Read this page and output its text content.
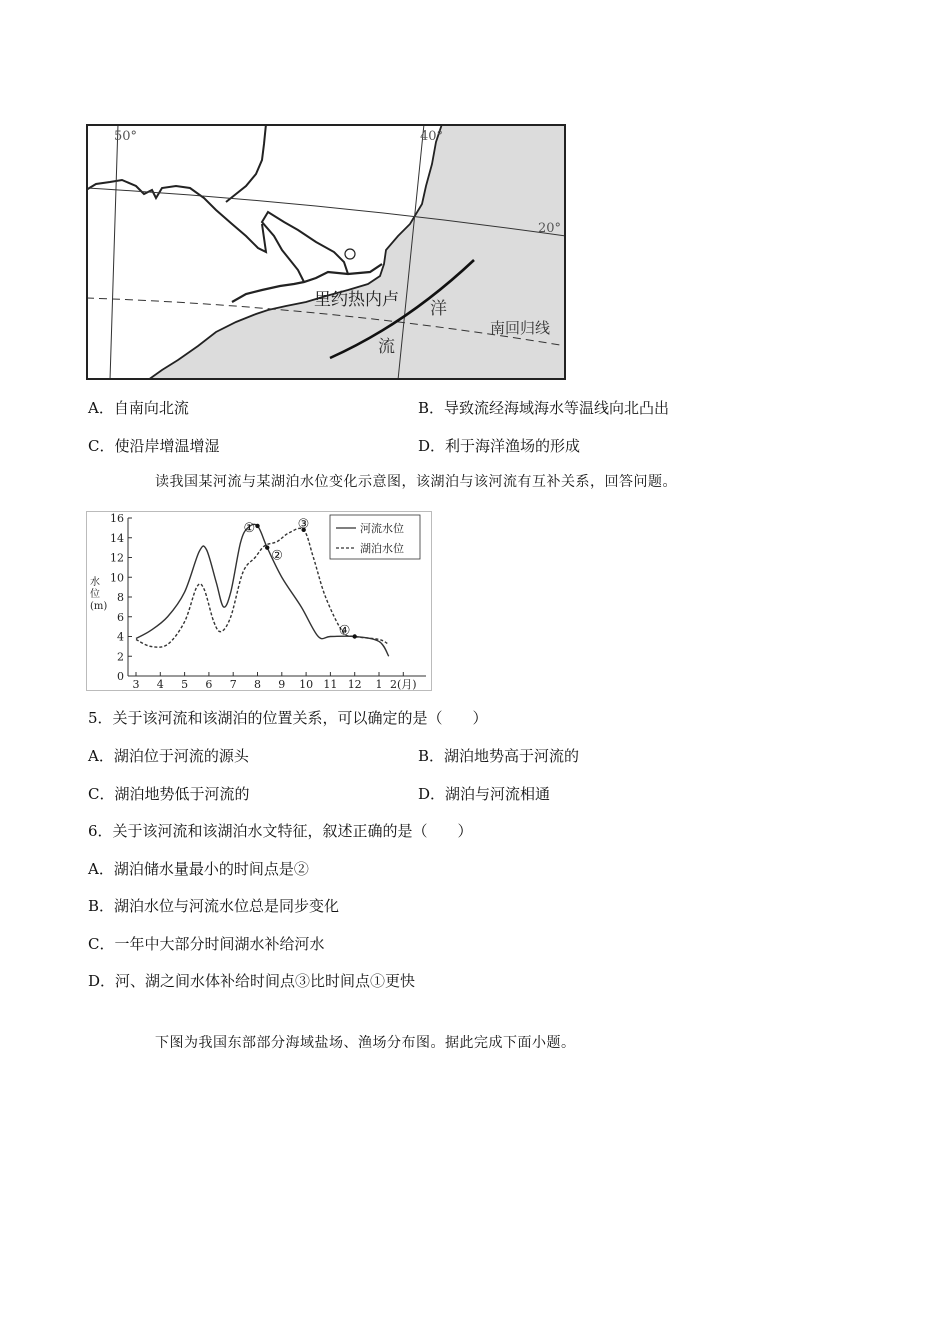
50°	40°
20°
里约热内卢
南回归线
洋
流
A．自南向北流	B．导致流经海域海水等温线向北凸出
C．使沿岸增温增湿	D．利于海洋渔场的形成
读我国某河流与某湖泊水位变化示意图，该湖泊与该河流有互补关系，回答问题。
0
2
4
6
8
10
12
14
16
3 4 5 6 7 8 9 10 11 12 1 2(月)
①
②
③
④
河流水位
湖泊水位
水位(m)
5．关于该河流和该湖泊的位置关系，可以确定的是（　　）
A．湖泊位于河流的源头	B．湖泊地势高于河流的
C．湖泊地势低于河流的	D．湖泊与河流相通
6．关于该河流和该湖泊水文特征，叙述正确的是（　　）
A．湖泊储水量最小的时间点是②
B．湖泊水位与河流水位总是同步变化
C．一年中大部分时间湖水补给河水
D．河、湖之间水体补给时间点③比时间点①更快
下图为我国东部部分海域盐场、渔场分布图。据此完成下面小题。
